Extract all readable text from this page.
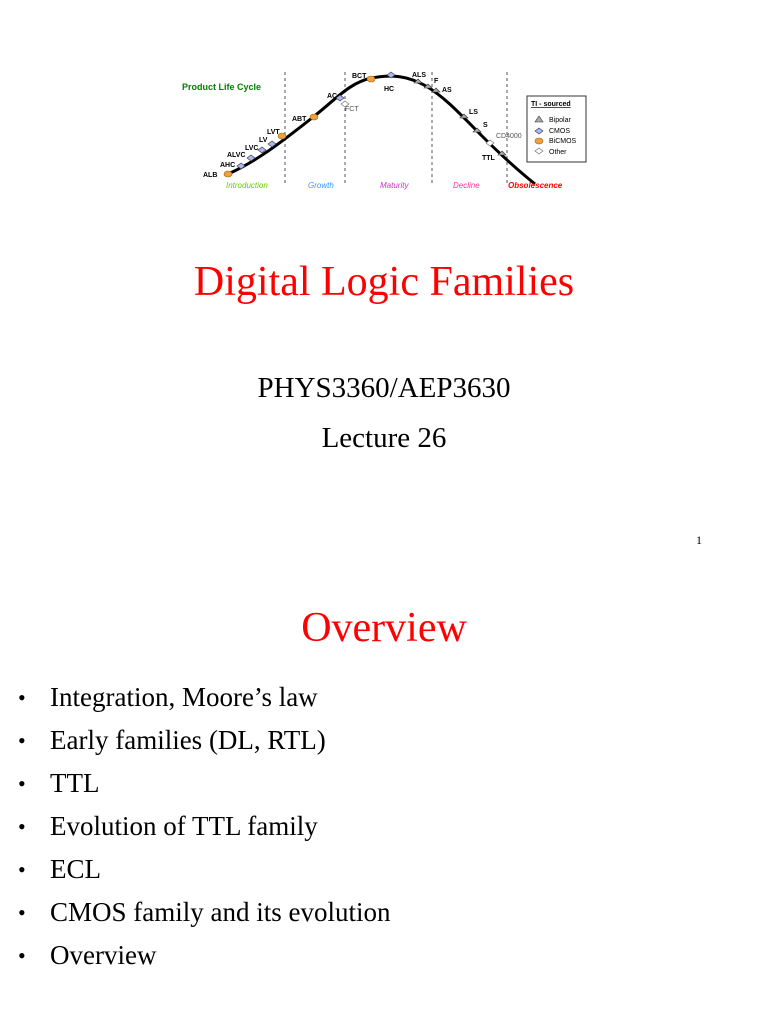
Product Life Cycle
ALB
AHC
ALVC
LVC
LV
LVT
ABT
AC
FCT
BCT
HC
ALS
F
AS
LS
S
CD4000
TTL
TI - sourced
Bipolar
CMOS
BiCMOS
Other
Introduction	Growth	Maturity	Decline	Obsolescence
Digital Logic Families
PHYS3360/AEP3630
Lecture 26
1
Overview
• Integration, Moore’s law
• Early families (DL, RTL)
• TTL
• Evolution of TTL family
• ECL
• CMOS family and its evolution
• Overview
